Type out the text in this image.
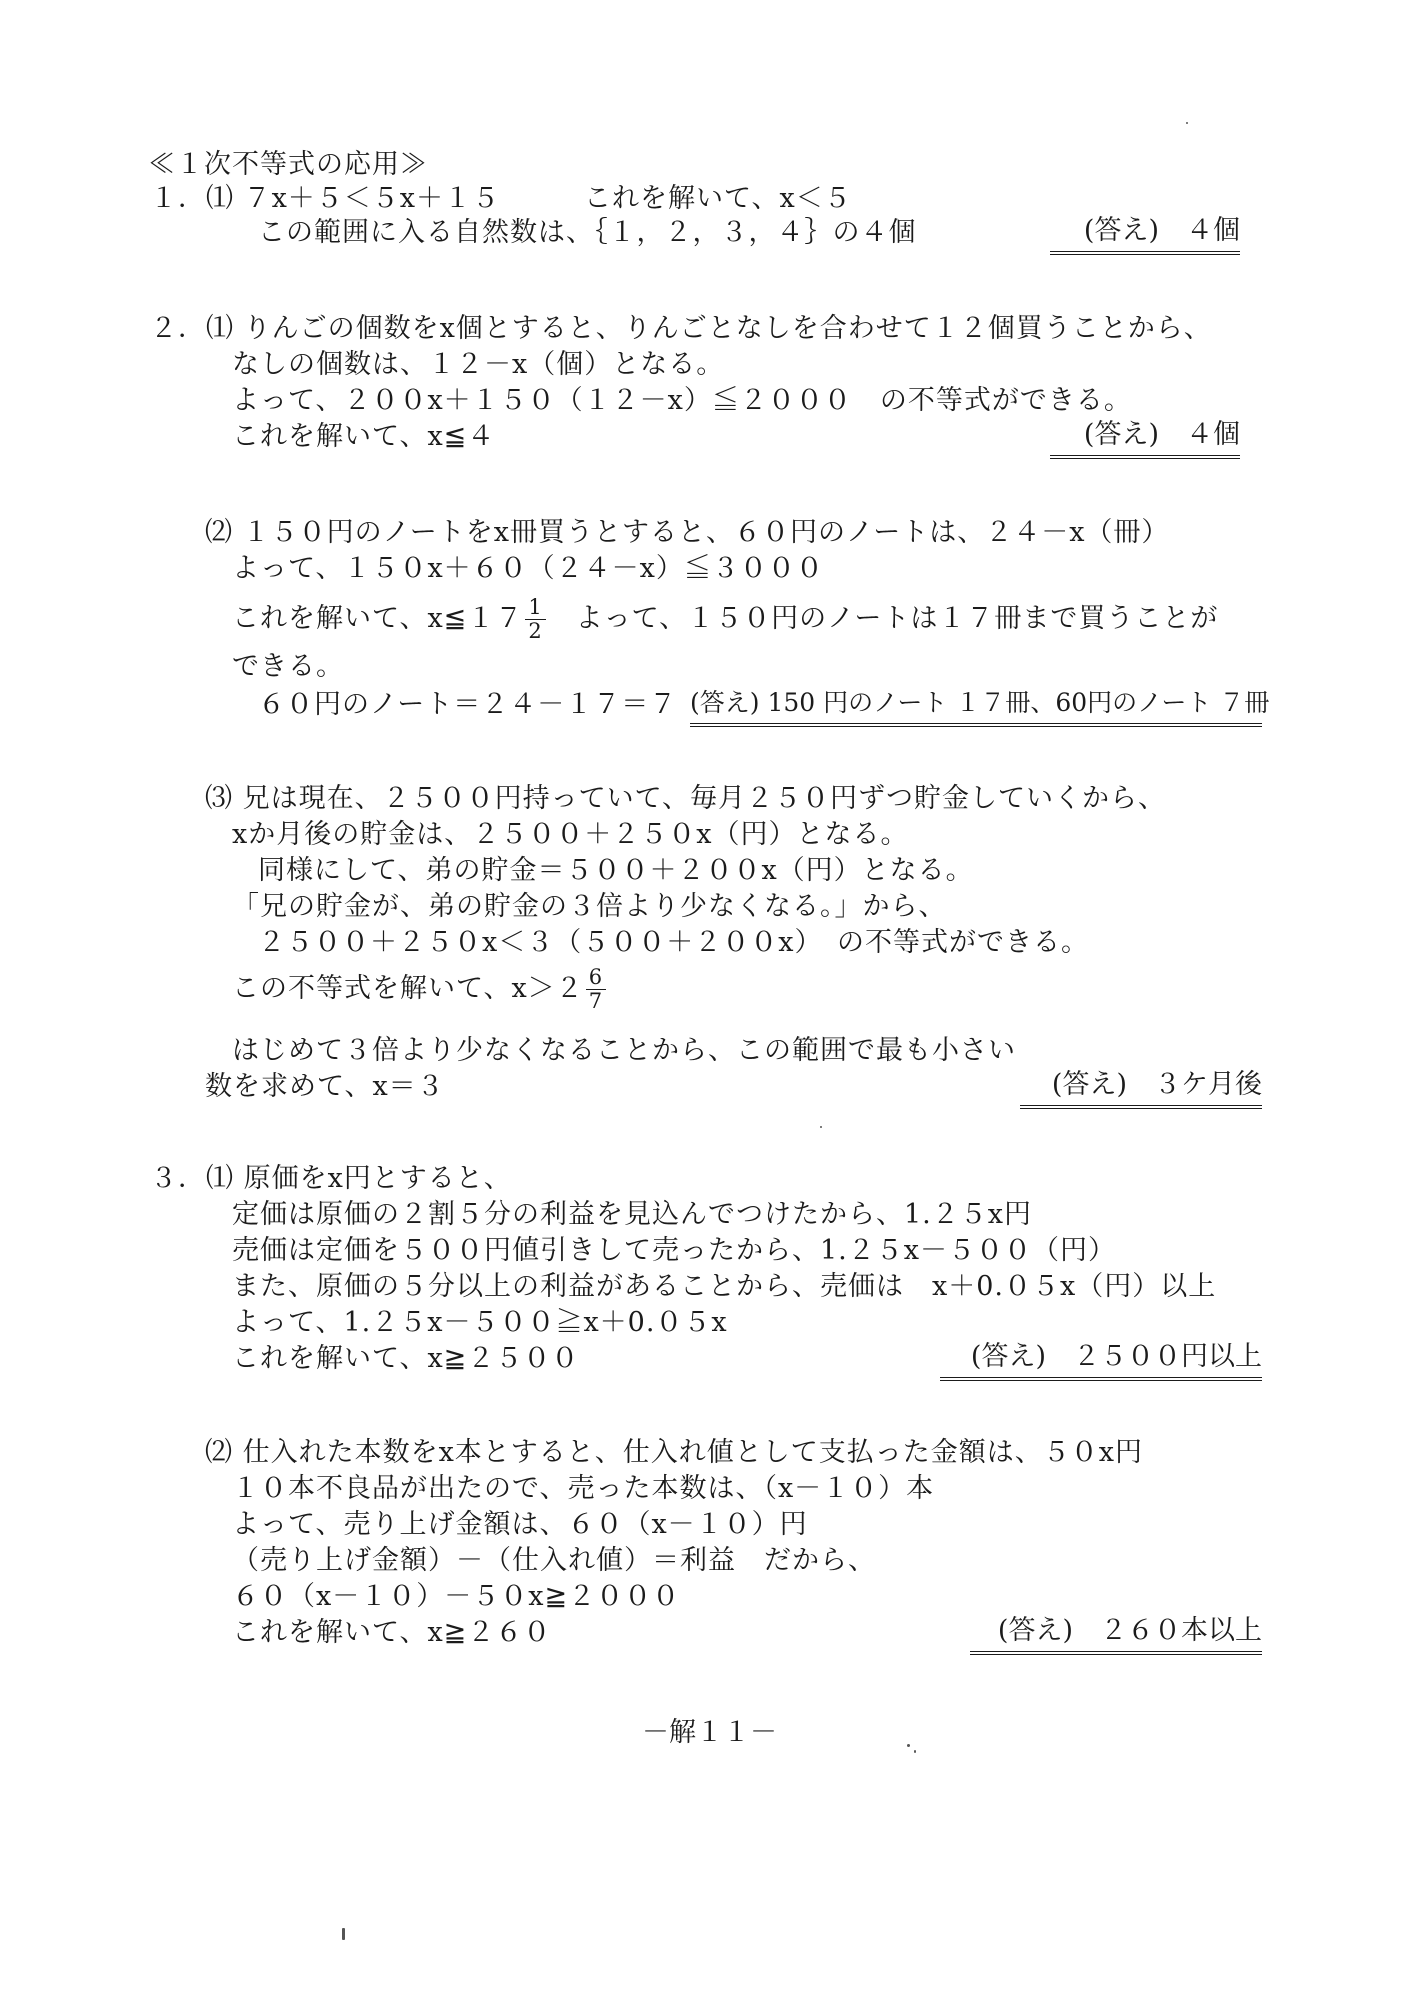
≪１次不等式の応用≫
１．⑴ ７x＋５＜５x＋１５　　　これを解いて、x＜５
この範囲に入る自然数は、｛１，２，３，４｝の４個	(答え)　４個
２．⑴ りんごの個数をx個とすると、りんごとなしを合わせて１２個買うことから、
なしの個数は、１２－x（個）となる。
よって、２００x＋１５０（１２－x）≦２０００　の不等式ができる。
これを解いて、x≦４	(答え)　４個
⑵ １５０円のノートをx冊買うとすると、６０円のノートは、２４－x（冊）
よって、１５０x＋６０（２４－x）≦３０００
これを解いて、x≦１７ $\frac{1}{2}$ 　よって、１５０円のノートは１７冊まで買うことが
できる。
６０円のノート＝２４－１７＝７ (答え) 150 円のノート １７冊、60円のノート ７冊
⑶ 兄は現在、２５００円持っていて、毎月２５０円ずつ貯金していくから、
xか月後の貯金は、２５００＋２５０x（円）となる。
同様にして、弟の貯金＝５００＋２００x（円）となる。
「兄の貯金が、弟の貯金の３倍より少なくなる。」から、
２５００＋２５０x＜３（５００＋２００x）　の不等式ができる。
この不等式を解いて、$x>2 \frac{6}{7}$
はじめて３倍より少なくなることから、この範囲で最も小さい
数を求めて、x＝３	(答え)　３ケ月後
３．⑴ 原価をx円とすると、
定価は原価の２割５分の利益を見込んでつけたから、1.２５x円
売価は定価を５００円値引きして売ったから、1.２５x－５００（円）
また、原価の５分以上の利益があることから、売価は　x＋0.０５x（円）以上
よって、1.２５x－５００≧x＋0.０５x
これを解いて、x≧２５００	(答え)　２５００円以上
⑵ 仕入れた本数をx本とすると、仕入れ値として支払った金額は、５０x円
１０本不良品が出たので、売った本数は、（x－１０）本
よって、売り上げ金額は、６０（x－１０）円
（売り上げ金額）－（仕入れ値）＝利益　だから、
６０（x－１０）－５０x≧２０００
これを解いて、x≧２６０	(答え)　２６０本以上
－解１１－
